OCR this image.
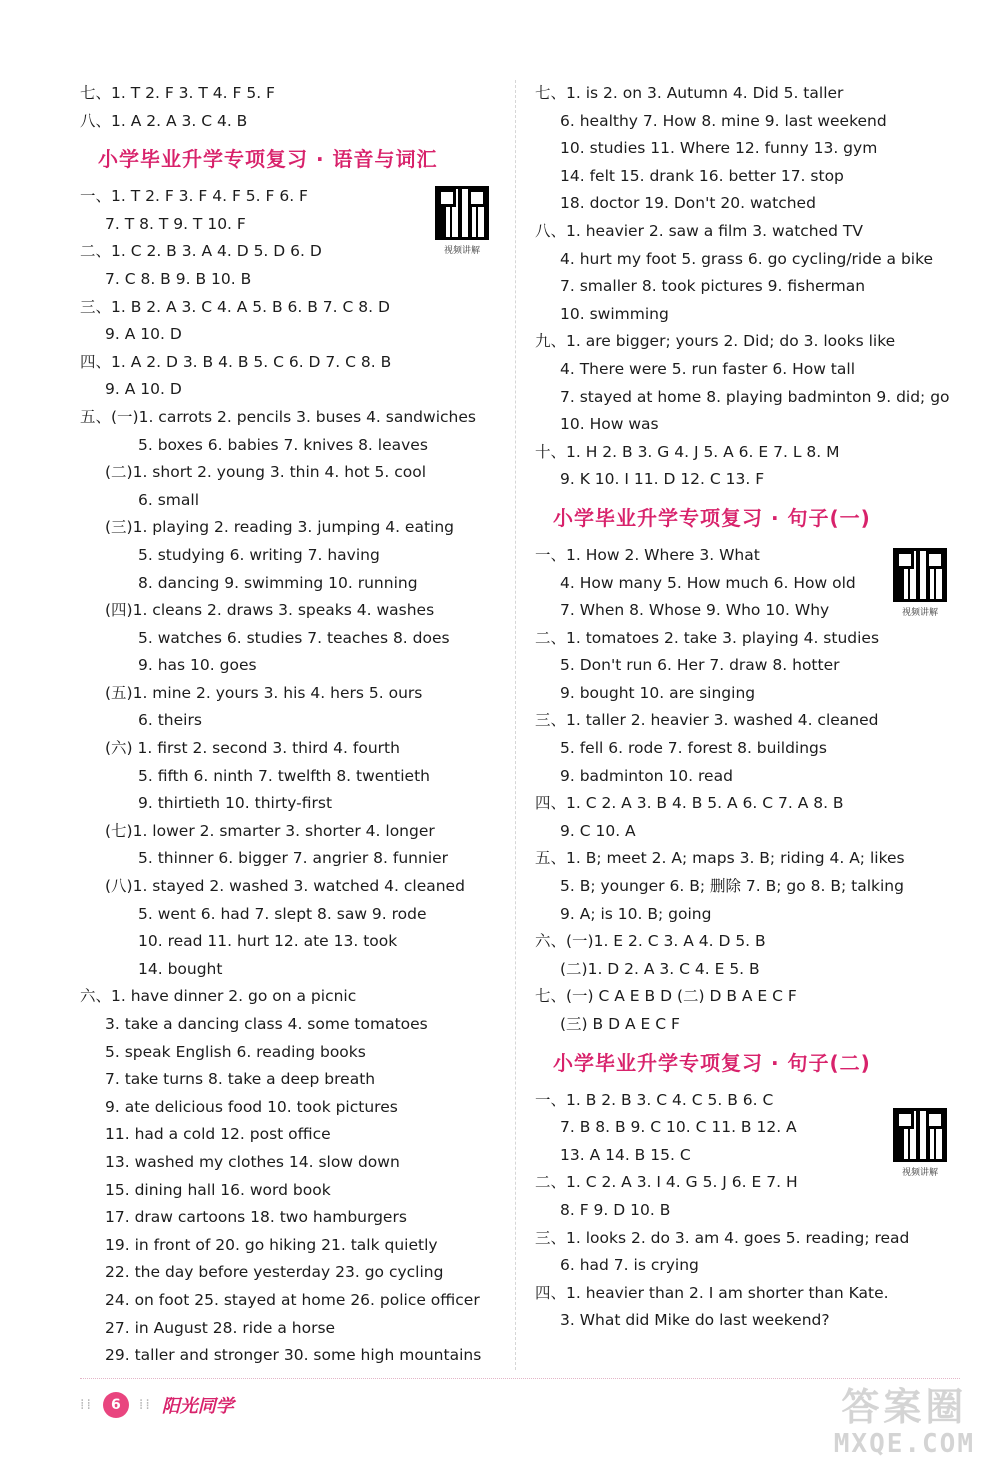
七、1. T 2. F 3. T 4. F 5. F
八、1. A 2. A 3. C 4. B
小学毕业升学专项复习 · 语音与词汇
一、1. T 2. F 3. F 4. F 5. F 6. F
7. T 8. T 9. T 10. F
二、1. C 2. B 3. A 4. D 5. D 6. D
7. C 8. B 9. B 10. B
三、1. B 2. A 3. C 4. A 5. B 6. B 7. C 8. D
9. A 10. D
四、1. A 2. D 3. B 4. B 5. C 6. D 7. C 8. B
9. A 10. D
五、(一)1. carrots 2. pencils 3. buses 4. sandwiches
5. boxes 6. babies 7. knives 8. leaves
(二)1. short 2. young 3. thin 4. hot 5. cool
6. small
(三)1. playing 2. reading 3. jumping 4. eating
5. studying 6. writing 7. having
8. dancing 9. swimming 10. running
(四)1. cleans 2. draws 3. speaks 4. washes
5. watches 6. studies 7. teaches 8. does
9. has 10. goes
(五)1. mine 2. yours 3. his 4. hers 5. ours
6. theirs
(六) 1. first 2. second 3. third 4. fourth
5. fifth 6. ninth 7. twelfth 8. twentieth
9. thirtieth 10. thirty-first
(七)1. lower 2. smarter 3. shorter 4. longer
5. thinner 6. bigger 7. angrier 8. funnier
(八)1. stayed 2. washed 3. watched 4. cleaned
5. went 6. had 7. slept 8. saw 9. rode
10. read 11. hurt 12. ate 13. took
14. bought
六、1. have dinner 2. go on a picnic
3. take a dancing class 4. some tomatoes
5. speak English 6. reading books
7. take turns 8. take a deep breath
9. ate delicious food 10. took pictures
11. had a cold 12. post office
13. washed my clothes 14. slow down
15. dining hall 16. word book
17. draw cartoons 18. two hamburgers
19. in front of 20. go hiking 21. talk quietly
22. the day before yesterday 23. go cycling
24. on foot 25. stayed at home 26. police officer
27. in August 28. ride a horse
29. taller and stronger 30. some high mountains
七、1. is 2. on 3. Autumn 4. Did 5. taller
6. healthy 7. How 8. mine 9. last weekend
10. studies 11. Where 12. funny 13. gym
14. felt 15. drank 16. better 17. stop
18. doctor 19. Don't 20. watched
八、1. heavier 2. saw a film 3. watched TV
4. hurt my foot 5. grass 6. go cycling/ride a bike
7. smaller 8. took pictures 9. fisherman
10. swimming
九、1. are bigger; yours 2. Did; do 3. looks like
4. There were 5. run faster 6. How tall
7. stayed at home 8. playing badminton 9. did; go
10. How was
十、1. H 2. B 3. G 4. J 5. A 6. E 7. L 8. M
9. K 10. I 11. D 12. C 13. F
小学毕业升学专项复习 · 句子(一)
一、1. How 2. Where 3. What
4. How many 5. How much 6. How old
7. When 8. Whose 9. Who 10. Why
二、1. tomatoes 2. take 3. playing 4. studies
5. Don't run 6. Her 7. draw 8. hotter
9. bought 10. are singing
三、1. taller 2. heavier 3. washed 4. cleaned
5. fell 6. rode 7. forest 8. buildings
9. badminton 10. read
四、1. C 2. A 3. B 4. B 5. A 6. C 7. A 8. B
9. C 10. A
五、1. B; meet 2. A; maps 3. B; riding 4. A; likes
5. B; younger 6. B; 删除 7. B; go 8. B; talking
9. A; is 10. B; going
六、(一)1. E 2. C 3. A 4. D 5. B
(二)1. D 2. A 3. C 4. E 5. B
七、(一) C A E B D (二) D B A E C F
(三) B D A E C F
小学毕业升学专项复习 · 句子(二)
一、1. B 2. B 3. C 4. C 5. B 6. C
7. B 8. B 9. C 10. C 11. B 12. A
13. A 14. B 15. C
二、1. C 2. A 3. I 4. G 5. J 6. E 7. H
8. F 9. D 10. B
三、1. looks 2. do 3. am 4. goes 5. reading; read
6. had 7. is crying
四、1. heavier than 2. I am shorter than Kate.
3. What did Mike do last weekend?
视频讲解
视频讲解
视频讲解
⁞⁞	6	⁞⁞ 阳光同学	答案圈
MXQE.COM
